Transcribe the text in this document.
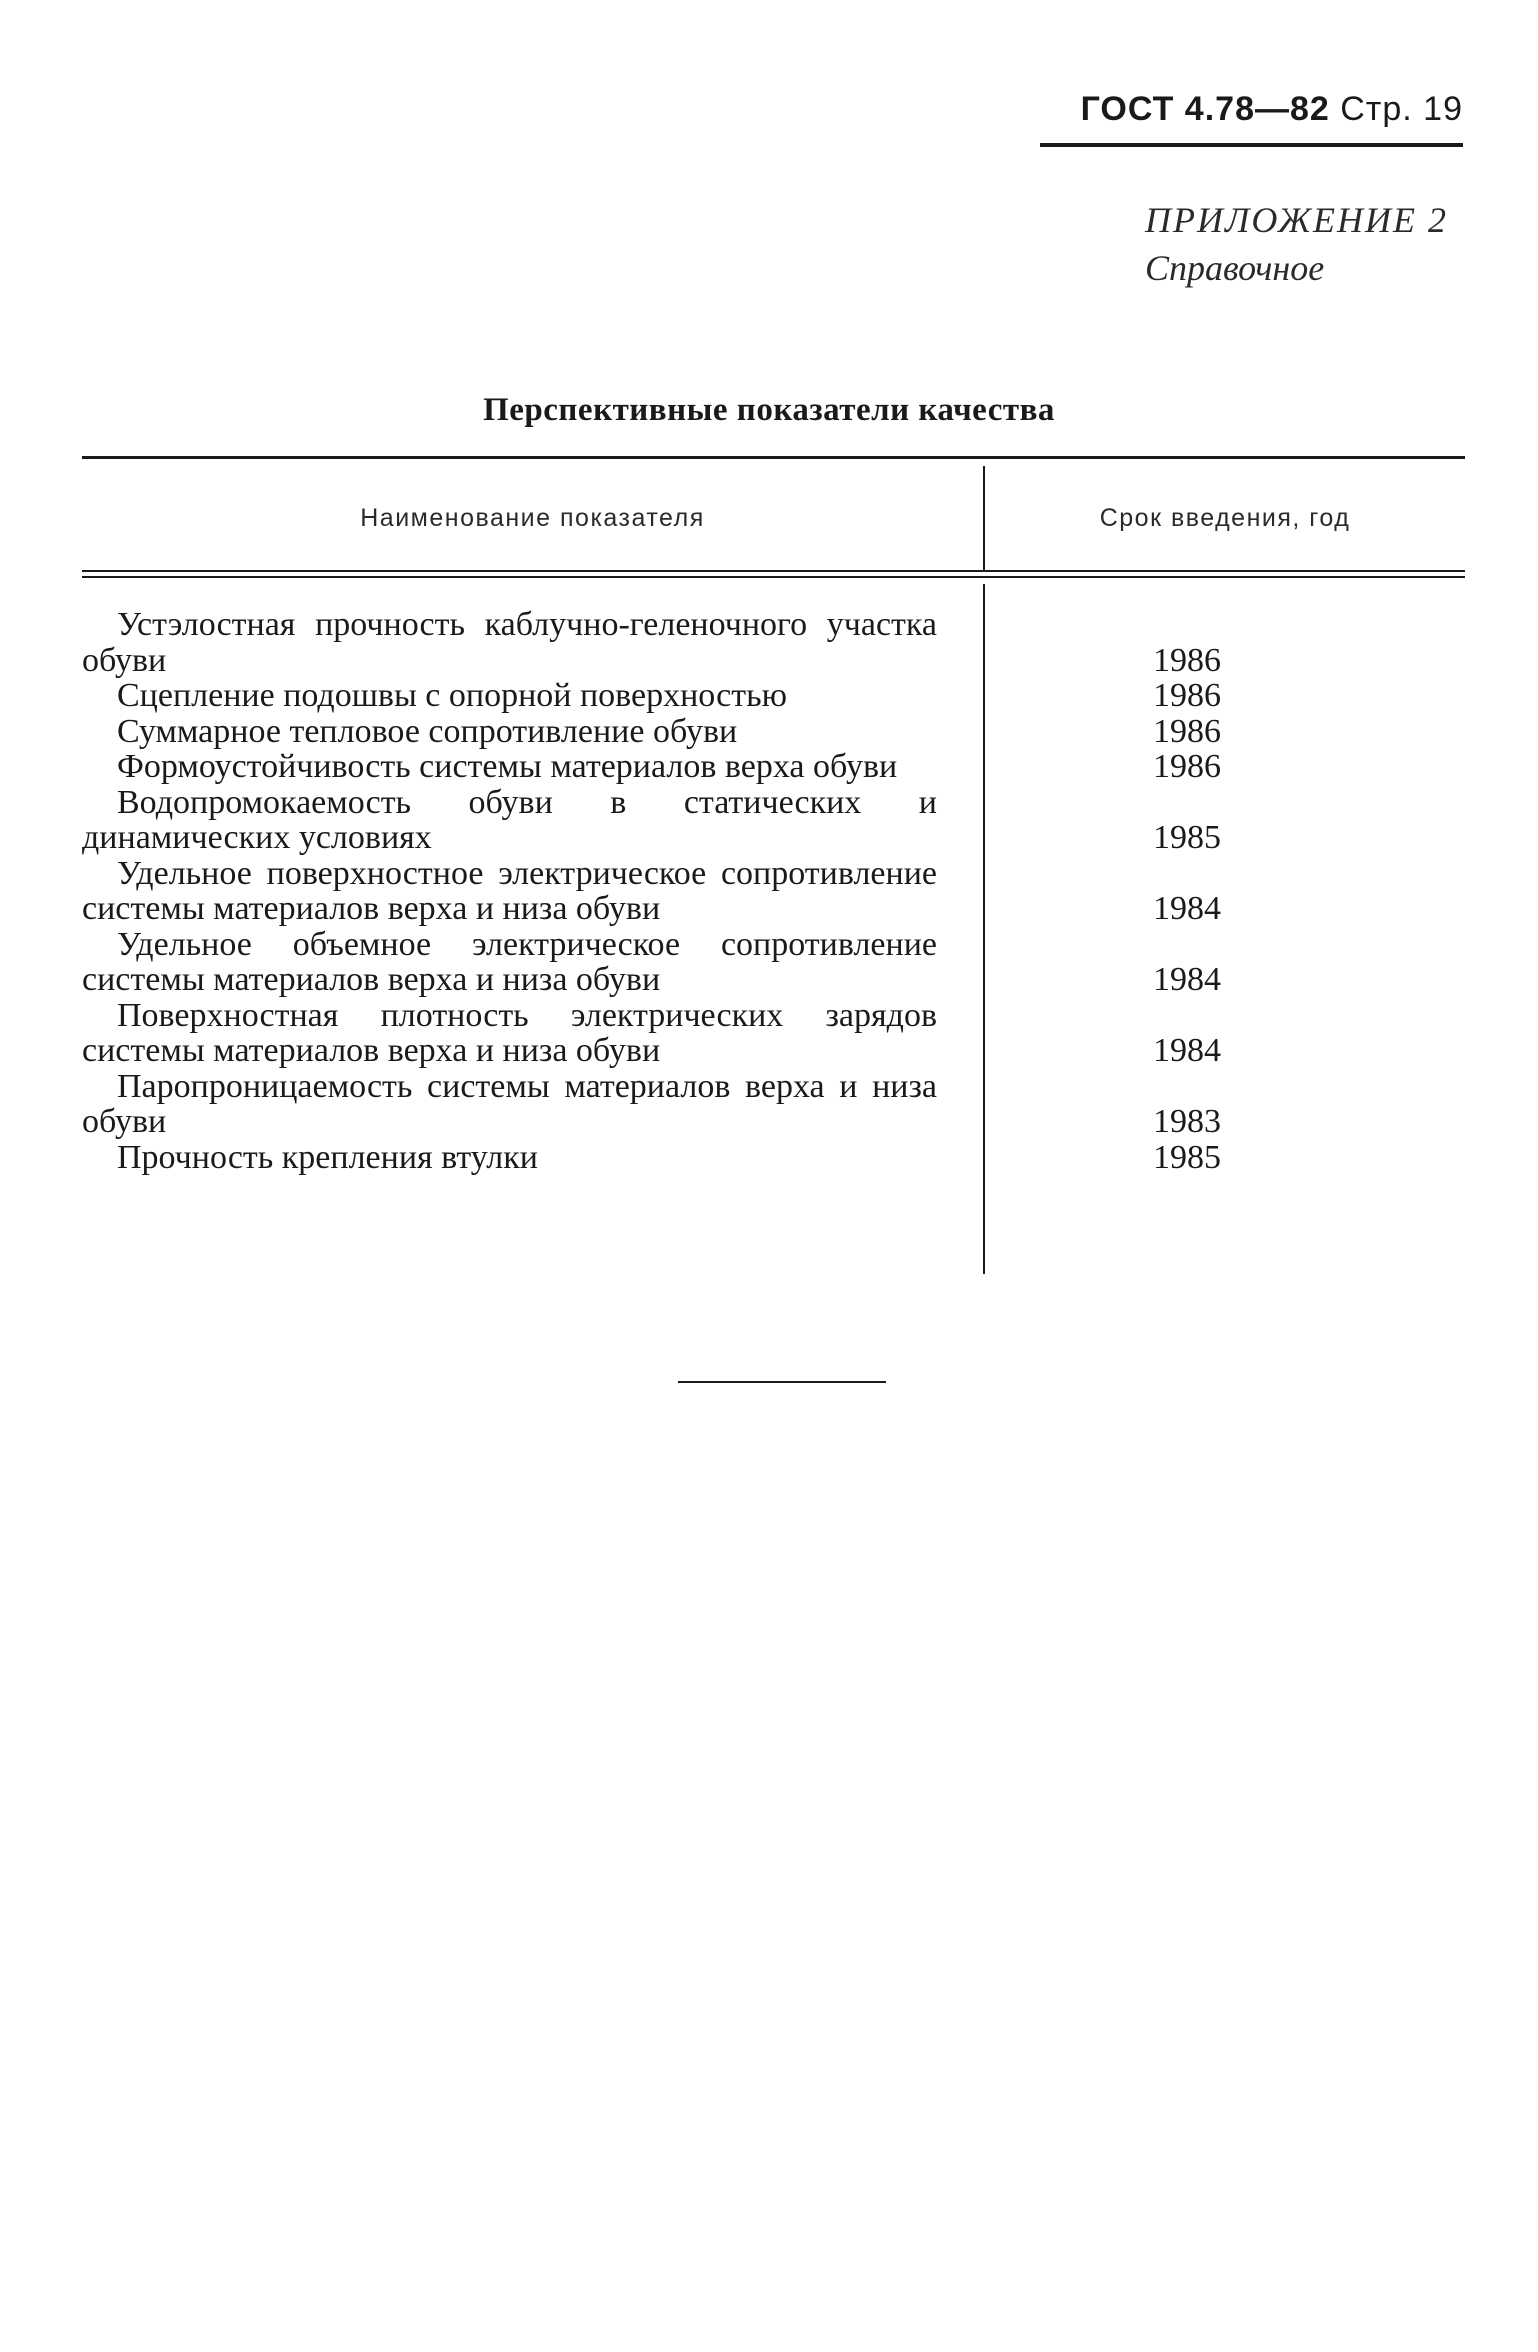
ГОСТ 4.78—82 Стр. 19
ПРИЛОЖЕНИЕ 2
Справочное
Перспективные показатели качества
Наименование показателя	Срок введения, год
Устэлостная прочность каблучно-геленочного участка обуви	1986
Сцепление подошвы с опорной поверхностью	1986
Суммарное тепловое сопротивление обуви	1986
Формоустойчивость системы материалов верха обуви	1986
Водопромокаемость обуви в статических и динамических условиях	1985
Удельное поверхностное электрическое сопротивление системы материалов верха и низа обуви	1984
Удельное объемное электрическое сопротивление системы материалов верха и низа обуви	1984
Поверхностная плотность электрических зарядов системы материалов верха и низа обуви	1984
Паропроницаемость системы материалов верха и низа обуви	1983
Прочность крепления втулки	1985
